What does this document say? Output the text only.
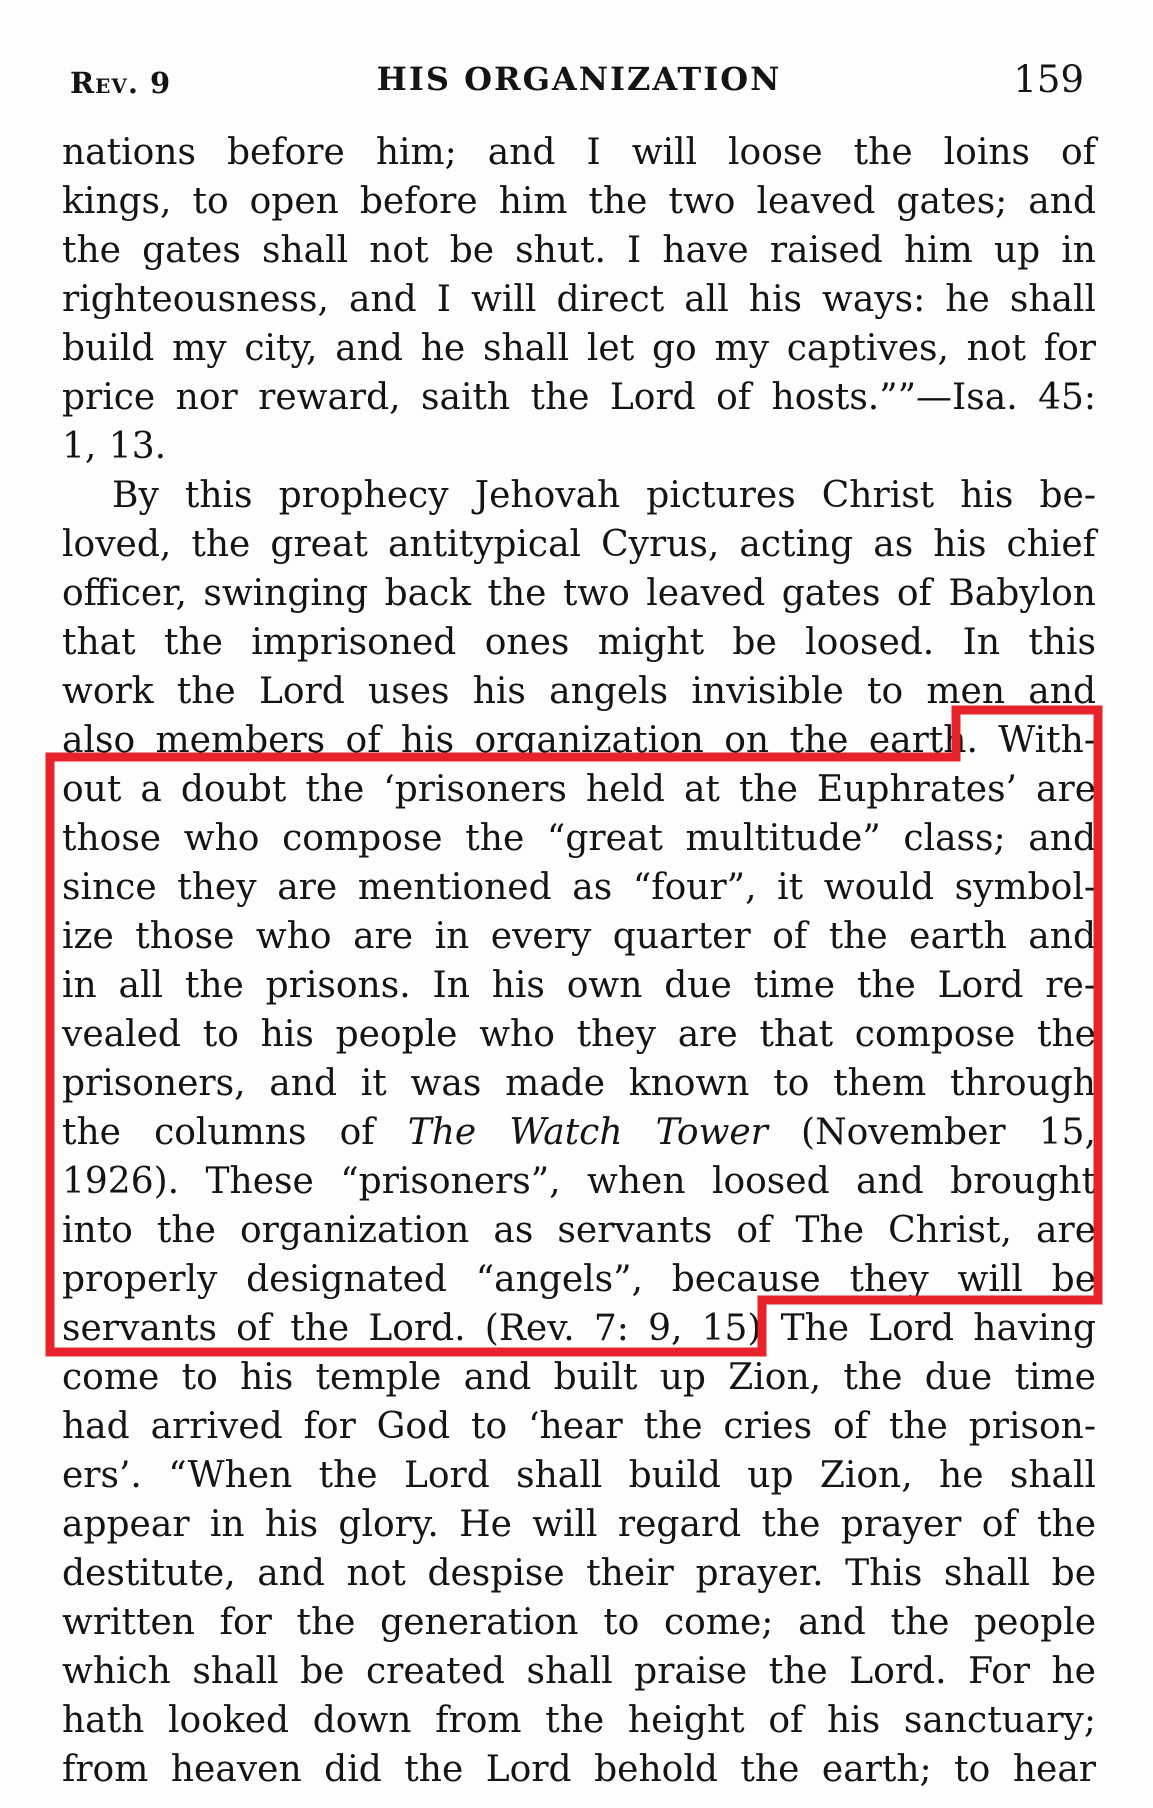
Rev. 9	HIS ORGANIZATION	159
nations before him; and I will loose the loins of
kings, to open before him the two leaved gates; and
the gates shall not be shut. I have raised him up in
righteousness, and I will direct all his ways: he shall
build my city, and he shall let go my captives, not for
price nor reward, saith the Lord of hosts.””—Isa. 45:
1, 13.
By this prophecy Jehovah pictures Christ his be-
loved, the great antitypical Cyrus, acting as his chief
officer, swinging back the two leaved gates of Babylon
that the imprisoned ones might be loosed. In this
work the Lord uses his angels invisible to men and
also members of his organization on the earth. With-
out a doubt the ‘prisoners held at the Euphrates’ are
those who compose the “great multitude” class; and
since they are mentioned as “four”, it would symbol-
ize those who are in every quarter of the earth and
in all the prisons. In his own due time the Lord re-
vealed to his people who they are that compose the
prisoners, and it was made known to them through
the columns of The Watch Tower (November 15,
1926). These “prisoners”, when loosed and brought
into the organization as servants of The Christ, are
properly designated “angels”, because they will be
servants of the Lord. (Rev. 7: 9, 15) The Lord having
come to his temple and built up Zion, the due time
had arrived for God to ‘hear the cries of the prison-
ers’. “When the Lord shall build up Zion, he shall
appear in his glory. He will regard the prayer of the
destitute, and not despise their prayer. This shall be
written for the generation to come; and the people
which shall be created shall praise the Lord. For he
hath looked down from the height of his sanctuary;
from heaven did the Lord behold the earth; to hear
